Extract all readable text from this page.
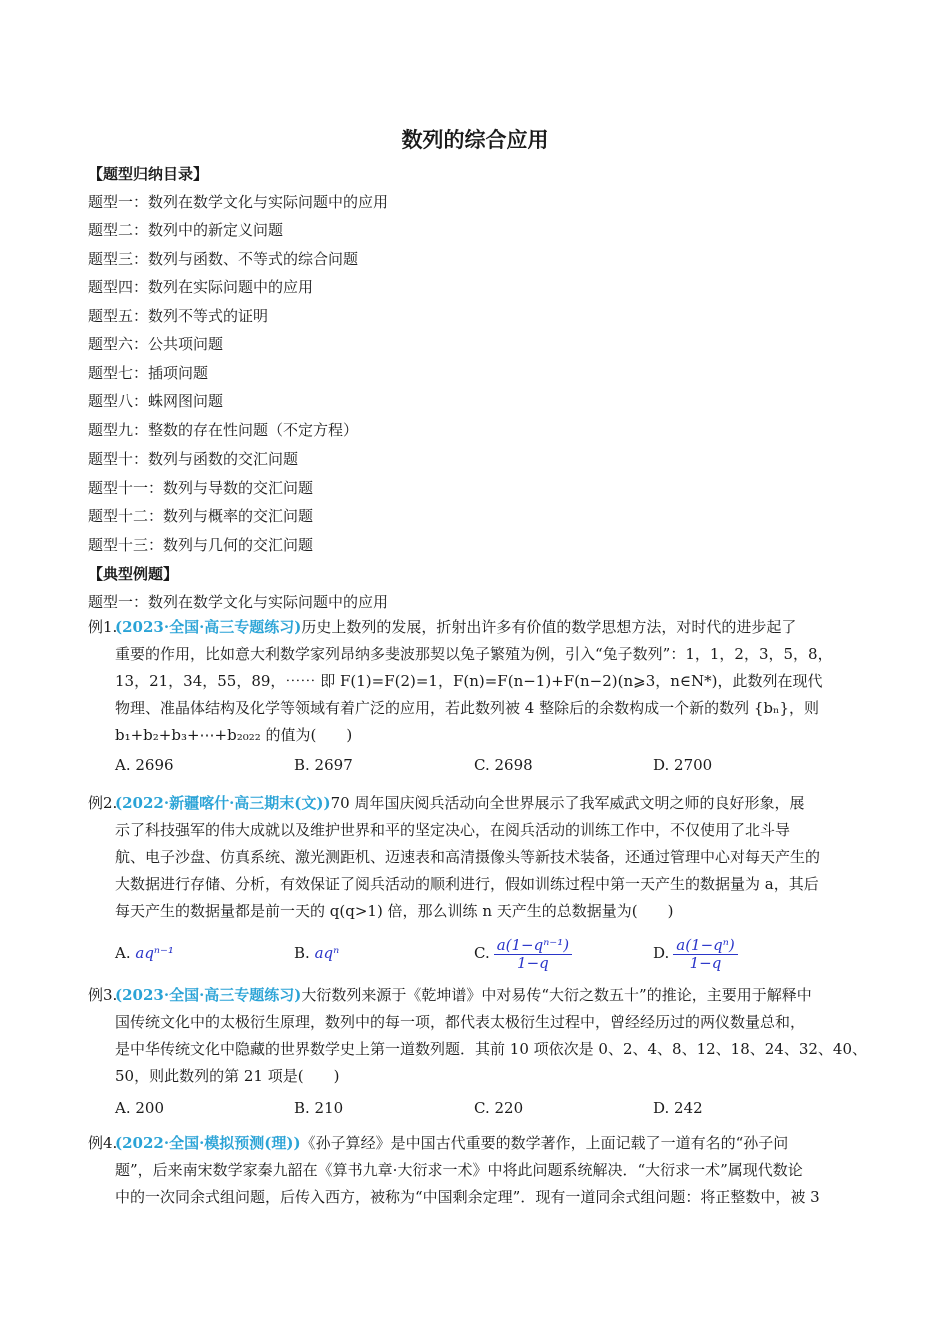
数列的综合应用
【题型归纳目录】
题型一：数列在数学文化与实际问题中的应用
题型二：数列中的新定义问题
题型三：数列与函数、不等式的综合问题
题型四：数列在实际问题中的应用
题型五：数列不等式的证明
题型六：公共项问题
题型七：插项问题
题型八：蛛网图问题
题型九：整数的存在性问题（不定方程）
题型十：数列与函数的交汇问题
题型十一：数列与导数的交汇问题
题型十二：数列与概率的交汇问题
题型十三：数列与几何的交汇问题
【典型例题】
题型一：数列在数学文化与实际问题中的应用
例1.(2023·全国·高三专题练习)历史上数列的发展，折射出许多有价值的数学思想方法，对时代的进步起了
重要的作用，比如意大利数学家列昂纳多斐波那契以兔子繁殖为例，引入“兔子数列”：1，1，2，3，5，8，
13，21，34，55，89，⋯⋯ 即 F(1)=F(2)=1，F(n)=F(n−1)+F(n−2)(n⩾3，n∈N*)，此数列在现代
物理、准晶体结构及化学等领域有着广泛的应用，若此数列被 4 整除后的余数构成一个新的数列 {bₙ}，则
b₁+b₂+b₃+⋯+b₂₀₂₂ 的值为(　　)
A. 2696	B. 2697	C. 2698	D. 2700
例2.(2022·新疆喀什·高三期末(文))70 周年国庆阅兵活动向全世界展示了我军威武文明之师的良好形象，展
示了科技强军的伟大成就以及维护世界和平的坚定决心，在阅兵活动的训练工作中，不仅使用了北斗导
航、电子沙盘、仿真系统、激光测距机、迈速表和高清摄像头等新技术装备，还通过管理中心对每天产生的
大数据进行存储、分析，有效保证了阅兵活动的顺利进行，假如训练过程中第一天产生的数据量为 a，其后
每天产生的数据量都是前一天的 q(q>1) 倍，那么训练 n 天产生的总数据量为(　　)
A. aqⁿ⁻¹	B. aqⁿ	C. $\frac{\text{a(1−qⁿ⁻¹)}}{1-q}$	D. $\frac{\text{a(1−qⁿ)}}{1-q}$
例3.(2023·全国·高三专题练习)大衍数列来源于《乾坤谱》中对易传“大衍之数五十”的推论，主要用于解释中
国传统文化中的太极衍生原理，数列中的每一项，都代表太极衍生过程中，曾经经历过的两仪数量总和，
是中华传统文化中隐藏的世界数学史上第一道数列题．其前 10 项依次是 0、2、4、8、12、18、24、32、40、
50，则此数列的第 21 项是(　　)
A. 200	B. 210	C. 220	D. 242
例4.(2022·全国·模拟预测(理))《孙子算经》是中国古代重要的数学著作，上面记载了一道有名的“孙子问
题”，后来南宋数学家秦九韶在《算书九章·大衍求一术》中将此问题系统解决．“大衍求一术”属现代数论
中的一次同余式组问题，后传入西方，被称为“中国剩余定理”．现有一道同余式组问题：将正整数中，被 3
